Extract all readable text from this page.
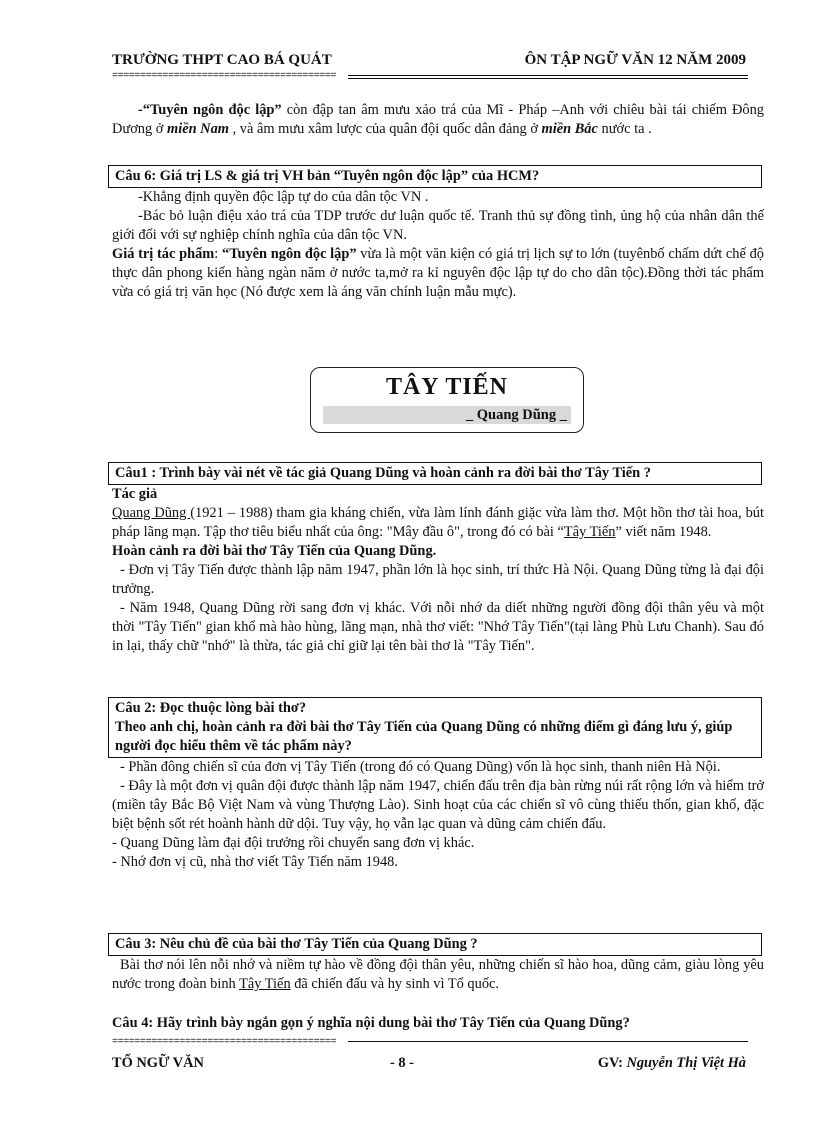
TRƯỜNG THPT CAO BÁ QUÁT	ÔN TẬP NGỮ VĂN 12 NĂM 2009
========================================

-“Tuyên ngôn độc lập” còn đập tan âm mưu xảo trá của Mĩ - Pháp –Anh với chiêu bài tái chiếm Đông Dương ở miền Nam , và âm mưu xâm lược của quân đội quốc dân đảng ở miền Bắc nước ta .

Câu 6: Giá trị LS & giá trị VH bản “Tuyên ngôn độc lập” của HCM?

-Khẳng định quyền độc lập tự do của dân tộc VN .

-Bác bỏ luận điệu xảo trá của TDP trước dư luận quốc tế. Tranh thủ sự đồng tình, ủng hộ của nhân dân thế giới đối với sự nghiệp chính nghĩa của dân tộc VN.

Giá trị tác phẩm: “Tuyên ngôn độc lập” vừa là một văn kiện có giá trị lịch sự to lớn (tuyênbố chấm dứt chế độ thực dân phong kiến hàng ngàn năm ở nước ta,mở ra kỉ nguyên độc lập tự do cho dân tộc).Đồng thời tác phẩm vừa có giá trị văn học (Nó được xem là áng văn chính luận mẫu mực).

TÂY TIẾN
_ Quang Dũng _
Câu1 : Trình bày vài nét về tác giả Quang Dũng và hoàn cảnh ra đời bài thơ Tây Tiến ?

Tác giả

Quang Dũng (1921 – 1988) tham gia kháng chiến, vừa làm lính đánh giặc vừa làm thơ. Một hồn thơ tài hoa, bút pháp lãng mạn. Tập thơ tiêu biểu nhất của ông: "Mây đầu ô", trong đó có bài “Tây Tiến” viết năm 1948.

Hoàn cảnh ra đời bài thơ Tây Tiến của Quang Dũng.

- Đơn vị Tây Tiến được thành lập năm 1947, phần lớn là học sinh, trí thức Hà Nội. Quang Dũng từng là đại đội trưởng.

- Năm 1948, Quang Dũng rời sang đơn vị khác. Với nỗi nhớ da diết những người đồng đội thân yêu và một thời "Tây Tiến" gian khổ mà hào hùng, lãng mạn, nhà thơ viết: "Nhớ Tây Tiến"(tại làng Phù Lưu Chanh). Sau đó in lại, thấy chữ "nhớ" là thừa, tác giả chỉ giữ lại tên bài thơ là "Tây Tiến".

Câu 2: Đọc thuộc lòng bài thơ?
Theo anh chị, hoàn cảnh ra đời bài thơ Tây Tiến của Quang Dũng có những điểm gì đáng lưu ý, giúp người đọc hiểu thêm về tác phẩm này?

- Phần đông chiến sĩ của đơn vị Tây Tiến (trong đó có Quang Dũng) vốn là học sinh, thanh niên Hà Nội.

- Đây là một đơn vị quân đội được thành lập năm 1947, chiến đấu trên địa bàn rừng núi rất rộng lớn và hiểm trở (miền tây Bắc Bộ Việt Nam và vùng Thượng Lào). Sinh hoạt của các chiến sĩ vô cùng thiếu thốn, gian khổ, đặc biệt bệnh sốt rét hoành hành dữ dội. Tuy vậy, họ vẫn lạc quan và dũng cảm chiến đấu.

- Quang Dũng làm đại đội trưởng rồi chuyển sang đơn vị khác.

- Nhớ đơn vị cũ, nhà thơ viết Tây Tiến năm 1948.

Câu 3: Nêu chủ đề của bài thơ Tây Tiến của Quang Dũng ?

Bài thơ nói lên nỗi nhớ và niềm tự hào về đồng đội thân yêu, những chiến sĩ hào hoa, dũng cảm, giàu lòng yêu nước trong đoàn binh Tây Tiến đã chiến đấu và hy sinh vì Tổ quốc.

Câu 4: Hãy trình bày ngắn gọn ý nghĩa nội dung bài thơ Tây Tiến của Quang Dũng?
========================================
TỔ NGỮ VĂN	- 8 -	GV: Nguyễn Thị Việt Hà
